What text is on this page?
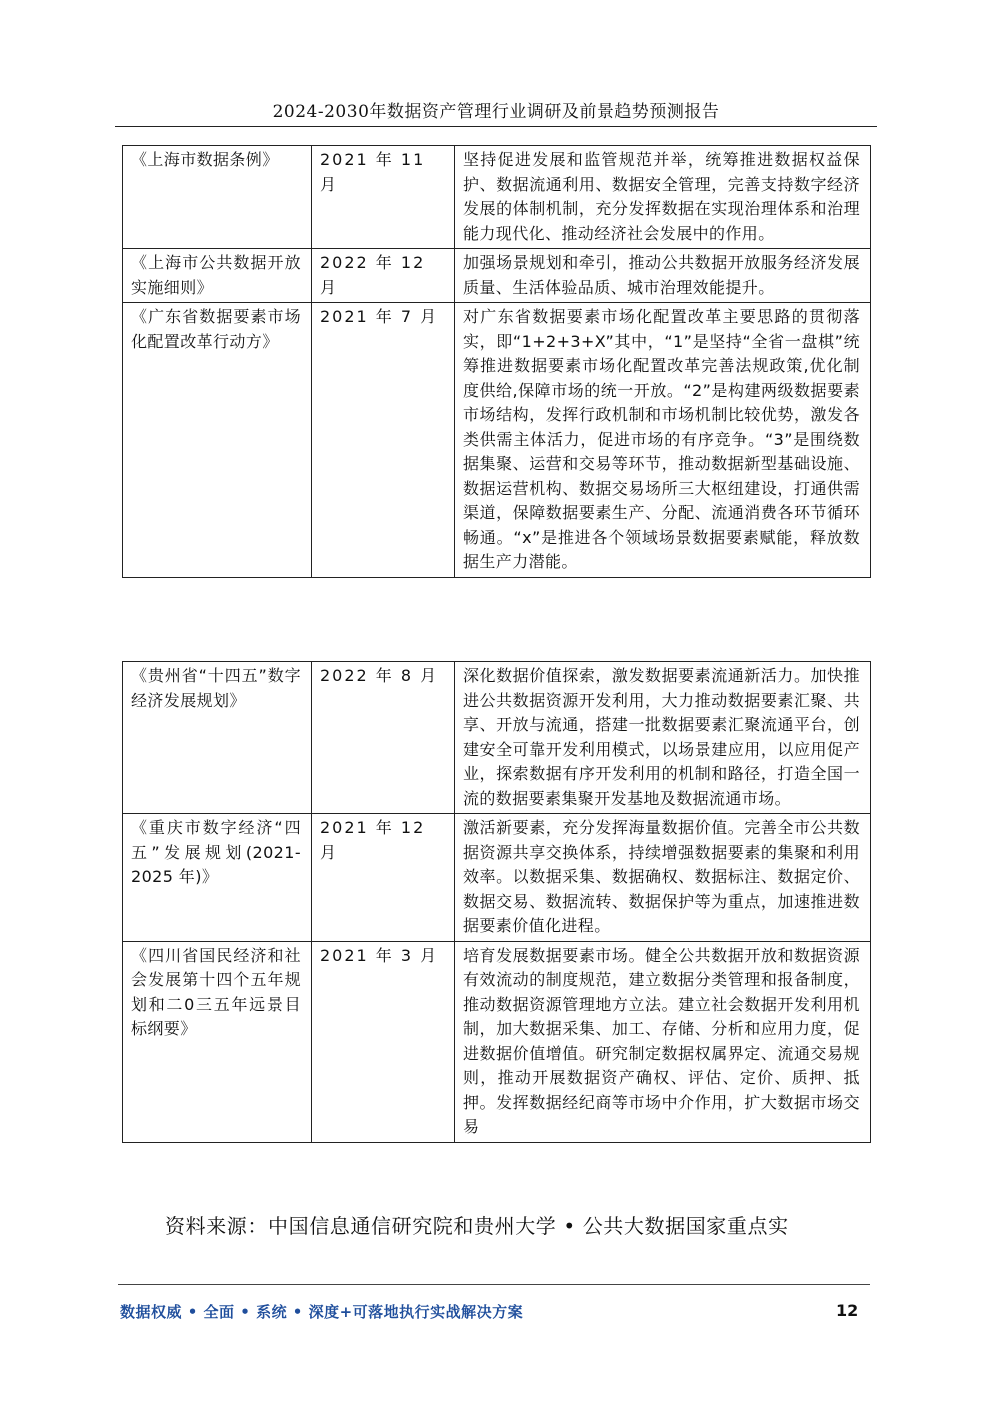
2024-2030年数据资产管理行业调研及前景趋势预测报告
《上海市数据条例》	2021 年 11 月	坚持促进发展和监管规范并举，统筹推进数据权益保护、数据流通利用、数据安全管理，完善支持数字经济发展的体制机制，充分发挥数据在实现治理体系和治理能力现代化、推动经济社会发展中的作用。
《上海市公共数据开放实施细则》	2022 年 12 月	加强场景规划和牵引，推动公共数据开放服务经济发展质量、生活体验品质、城市治理效能提升。
《广东省数据要素市场化配置改革行动方》	2021 年 7 月	对广东省数据要素市场化配置改革主要思路的贯彻落实，即“1+2+3+X”其中，“1”是坚持“全省一盘棋”统筹推进数据要素市场化配置改革完善法规政策,优化制度供给,保障市场的统一开放。“2”是构建两级数据要素市场结构，发挥行政机制和市场机制比较优势，激发各类供需主体活力，促进市场的有序竞争。“3”是围绕数据集聚、运营和交易等环节，推动数据新型基础设施、数据运营机构、数据交易场所三大枢纽建设，打通供需渠道，保障数据要素生产、分配、流通消费各环节循环畅通。“x”是推进各个领域场景数据要素赋能，释放数据生产力潜能。
《贵州省“十四五”数字经济发展规划》	2022 年 8 月	深化数据价值探索，激发数据要素流通新活力。加快推进公共数据资源开发利用，大力推动数据要素汇聚、共享、开放与流通，搭建一批数据要素汇聚流通平台，创建安全可靠开发利用模式，以场景建应用，以应用促产业，探索数据有序开发利用的机制和路径，打造全国一流的数据要素集聚开发基地及数据流通市场。
《重庆市数字经济“四五”发展规划(2021-2025 年)》	2021 年 12 月	激活新要素，充分发挥海量数据价值。完善全市公共数据资源共享交换体系，持续增强数据要素的集聚和利用效率。以数据采集、数据确权、数据标注、数据定价、数据交易、数据流转、数据保护等为重点，加速推进数据要素价值化进程。
《四川省国民经济和社会发展第十四个五年规划和二0三五年远景目标纲要》	2021 年 3 月	培育发展数据要素市场。健全公共数据开放和数据资源有效流动的制度规范，建立数据分类管理和报备制度，推动数据资源管理地方立法。建立社会数据开发利用机制，加大数据采集、加工、存储、分析和应用力度，促进数据价值增值。研究制定数据权属界定、流通交易规则，推动开展数据资产确权、评估、定价、质押、抵押。发挥数据经纪商等市场中介作用，扩大数据市场交易
资料来源：中国信息通信研究院和贵州大学 • 公共大数据国家重点实
数据权威 • 全面 • 系统 • 深度+可落地执行实战解决方案	12
